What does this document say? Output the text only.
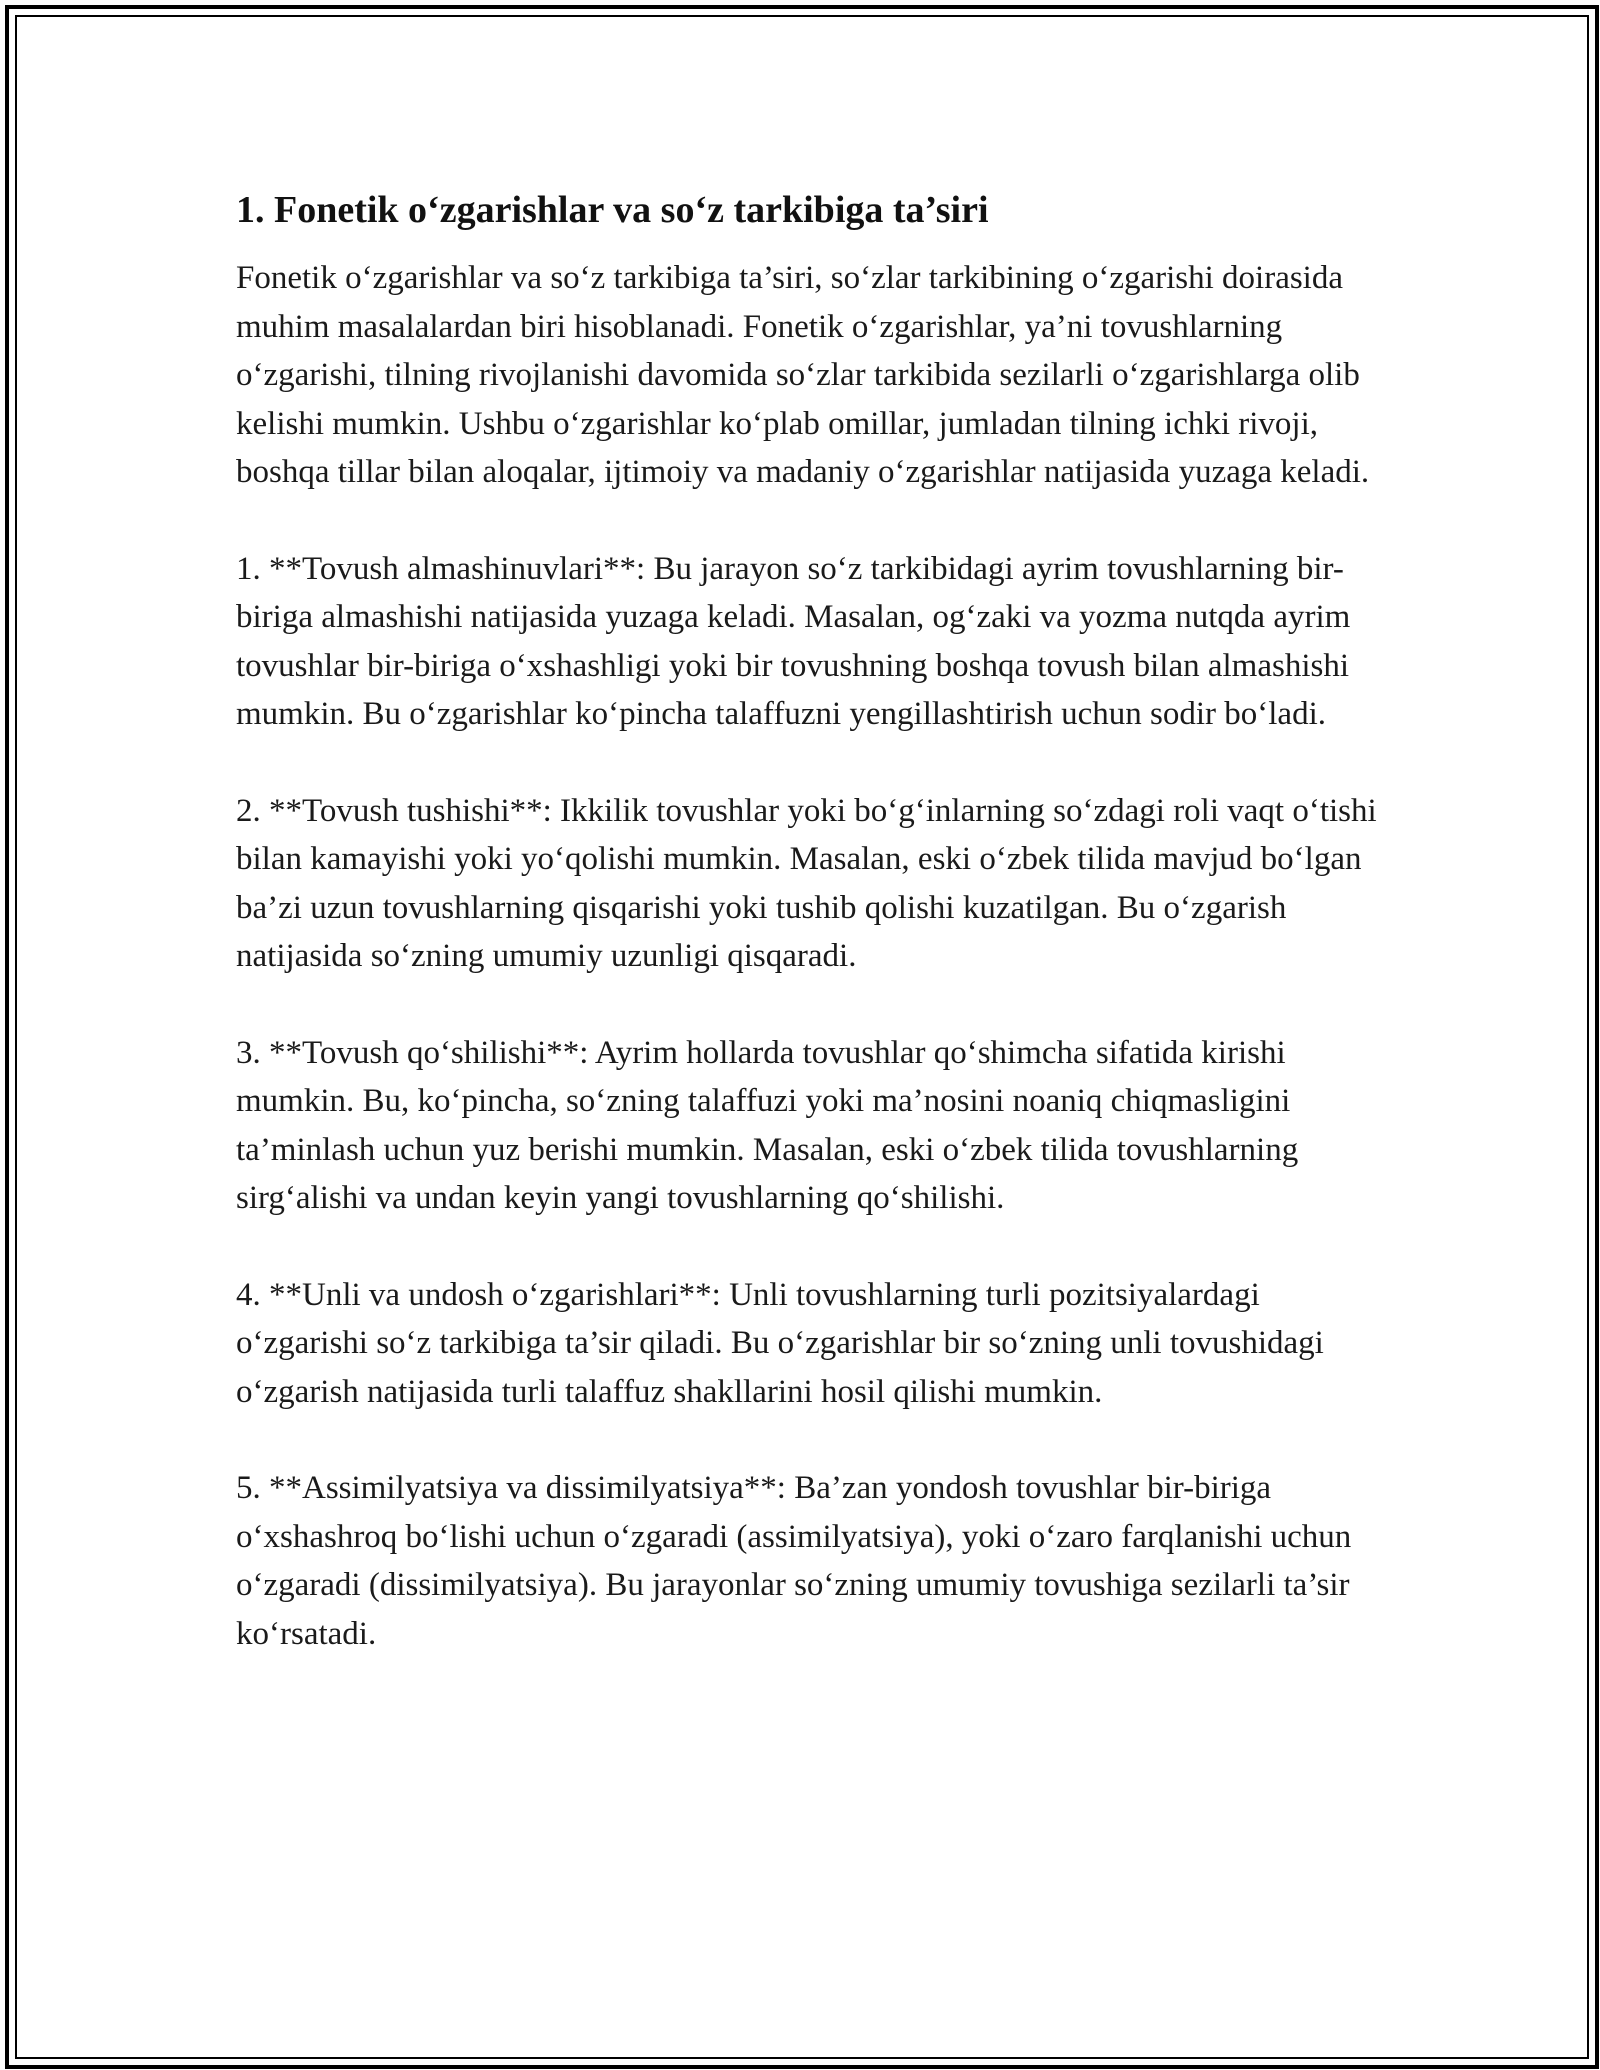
1. Fonetik o‘zgarishlar va so‘z tarkibiga ta’siri

Fonetik o‘zgarishlar va so‘z tarkibiga ta’siri, so‘zlar tarkibining o‘zgarishi doirasida muhim masalalardan biri hisoblanadi. Fonetik o‘zgarishlar, ya’ni tovushlarning o‘zgarishi, tilning rivojlanishi davomida so‘zlar tarkibida sezilarli o‘zgarishlarga olib kelishi mumkin. Ushbu o‘zgarishlar ko‘plab omillar, jumladan tilning ichki rivoji, boshqa tillar bilan aloqalar, ijtimoiy va madaniy o‘zgarishlar natijasida yuzaga keladi.

1. **Tovush almashinuvlari**: Bu jarayon so‘z tarkibidagi ayrim tovushlarning bir-biriga almashishi natijasida yuzaga keladi. Masalan, og‘zaki va yozma nutqda ayrim tovushlar bir-biriga o‘xshashligi yoki bir tovushning boshqa tovush bilan almashishi mumkin. Bu o‘zgarishlar ko‘pincha talaffuzni yengillashtirish uchun sodir bo‘ladi.

2. **Tovush tushishi**: Ikkilik tovushlar yoki bo‘g‘inlarning so‘zdagi roli vaqt o‘tishi bilan kamayishi yoki yo‘qolishi mumkin. Masalan, eski o‘zbek tilida mavjud bo‘lgan ba’zi uzun tovushlarning qisqarishi yoki tushib qolishi kuzatilgan. Bu o‘zgarish natijasida so‘zning umumiy uzunligi qisqaradi.

3. **Tovush qo‘shilishi**: Ayrim hollarda tovushlar qo‘shimcha sifatida kirishi mumkin. Bu, ko‘pincha, so‘zning talaffuzi yoki ma’nosini noaniq chiqmasligini ta’minlash uchun yuz berishi mumkin. Masalan, eski o‘zbek tilida tovushlarning sirg‘alishi va undan keyin yangi tovushlarning qo‘shilishi.

4. **Unli va undosh o‘zgarishlari**: Unli tovushlarning turli pozitsiyalardagi o‘zgarishi so‘z tarkibiga ta’sir qiladi. Bu o‘zgarishlar bir so‘zning unli tovushidagi o‘zgarish natijasida turli talaffuz shakllarini hosil qilishi mumkin.

5. **Assimilyatsiya va dissimilyatsiya**: Ba’zan yondosh tovushlar bir-biriga o‘xshashroq bo‘lishi uchun o‘zgaradi (assimilyatsiya), yoki o‘zaro farqlanishi uchun o‘zgaradi (dissimilyatsiya). Bu jarayonlar so‘zning umumiy tovushiga sezilarli ta’sir ko‘rsatadi.
